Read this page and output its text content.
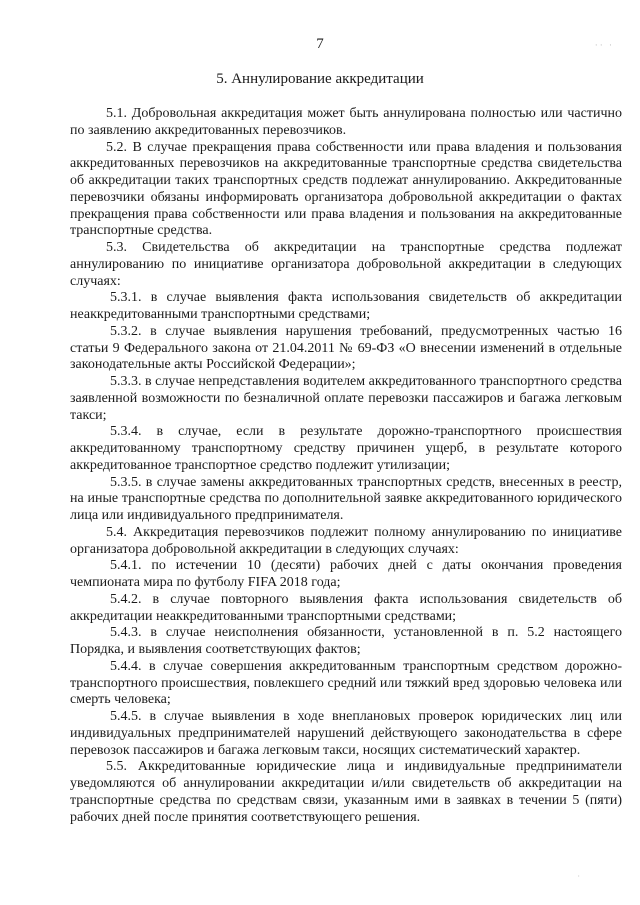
7	·· ·
5. Аннулирование аккредитации

5.1. Добровольная аккредитация может быть аннулирована полностью или частично по заявлению аккредитованных перевозчиков.

5.2. В случае прекращения права собственности или права владения и пользования аккредитованных перевозчиков на аккредитованные транспортные средства свидетельства об аккредитации таких транспортных средств подлежат аннулированию. Аккредитованные перевозчики обязаны информировать организатора добровольной аккредитации о фактах прекращения права собственности или права владения и пользования на аккредитованные транспортные средства.

5.3. Свидетельства об аккредитации на транспортные средства подлежат аннулированию по инициативе организатора добровольной аккредитации в следующих случаях:

5.3.1. в случае выявления факта использования свидетельств об аккредитации неаккредитованными транспортными средствами;

5.3.2. в случае выявления нарушения требований, предусмотренных частью 16 статьи 9 Федерального закона от 21.04.2011 № 69-ФЗ «О внесении изменений в отдельные законодательные акты Российской Федерации»;

5.3.3. в случае непредставления водителем аккредитованного транспортного средства заявленной возможности по безналичной оплате перевозки пассажиров и багажа легковым такси;

5.3.4. в случае, если в результате дорожно-транспортного происшествия аккредитованному транспортному средству причинен ущерб, в результате которого аккредитованное транспортное средство подлежит утилизации;

5.3.5. в случае замены аккредитованных транспортных средств, внесенных в реестр, на иные транспортные средства по дополнительной заявке аккредитованного юридического лица или индивидуального предпринимателя.

5.4. Аккредитация перевозчиков подлежит полному аннулированию по инициативе организатора добровольной аккредитации в следующих случаях:

5.4.1. по истечении 10 (десяти) рабочих дней с даты окончания проведения чемпионата мира по футболу FIFA 2018 года;

5.4.2. в случае повторного выявления факта использования свидетельств об аккредитации неаккредитованными транспортными средствами;

5.4.3. в случае неисполнения обязанности, установленной в п. 5.2 настоящего Порядка, и выявления соответствующих фактов;

5.4.4. в случае совершения аккредитованным транспортным средством дорожно-транспортного происшествия, повлекшего средний или тяжкий вред здоровью человека или смерть человека;

5.4.5. в случае выявления в ходе внеплановых проверок юридических лиц или индивидуальных предпринимателей нарушений действующего законодательства в сфере перевозок пассажиров и багажа легковым такси, носящих систематический характер.

5.5. Аккредитованные юридические лица и индивидуальные предприниматели уведомляются об аннулировании аккредитации и/или свидетельств об аккредитации на транспортные средства по средствам связи, указанным ими в заявках в течении 5 (пяти) рабочих дней после принятия соответствующего решения.

·
